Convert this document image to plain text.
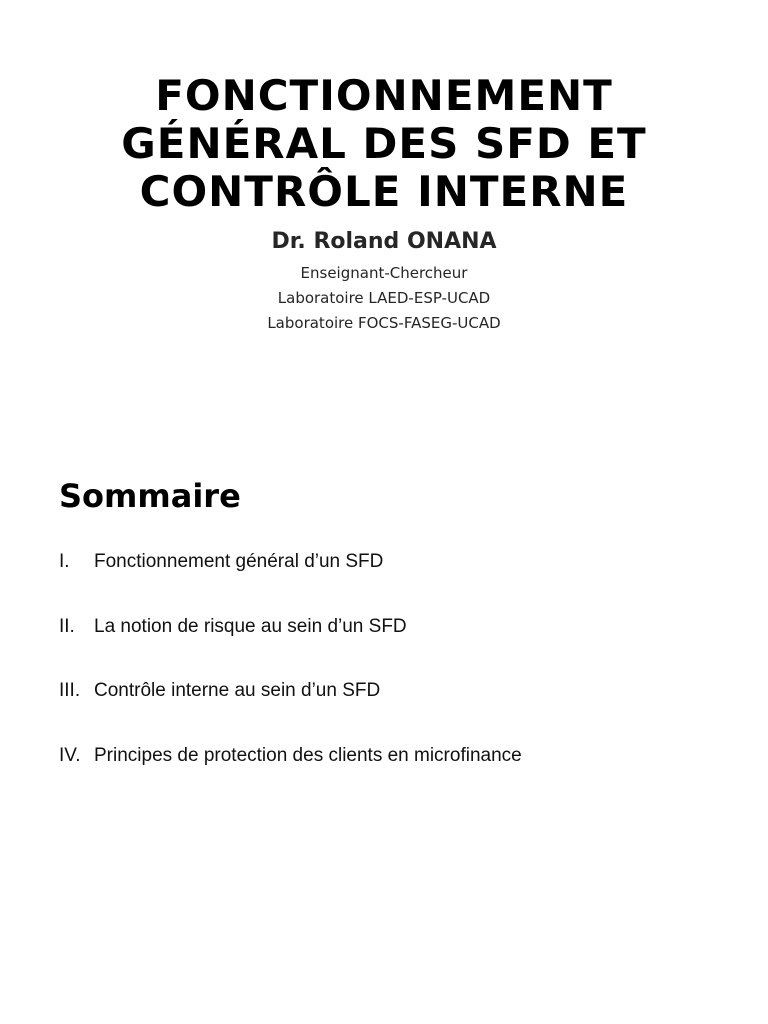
FONCTIONNEMENT
GÉNÉRAL DES SFD ET
CONTRÔLE INTERNE
Dr. Roland ONANA
Enseignant-Chercheur
Laboratoire LAED-ESP-UCAD
Laboratoire FOCS-FASEG-UCAD
Sommaire
I. Fonctionnement général d’un SFD
II. La notion de risque au sein d’un SFD
III. Contrôle interne au sein d’un SFD
IV. Principes de protection des clients en microfinance
